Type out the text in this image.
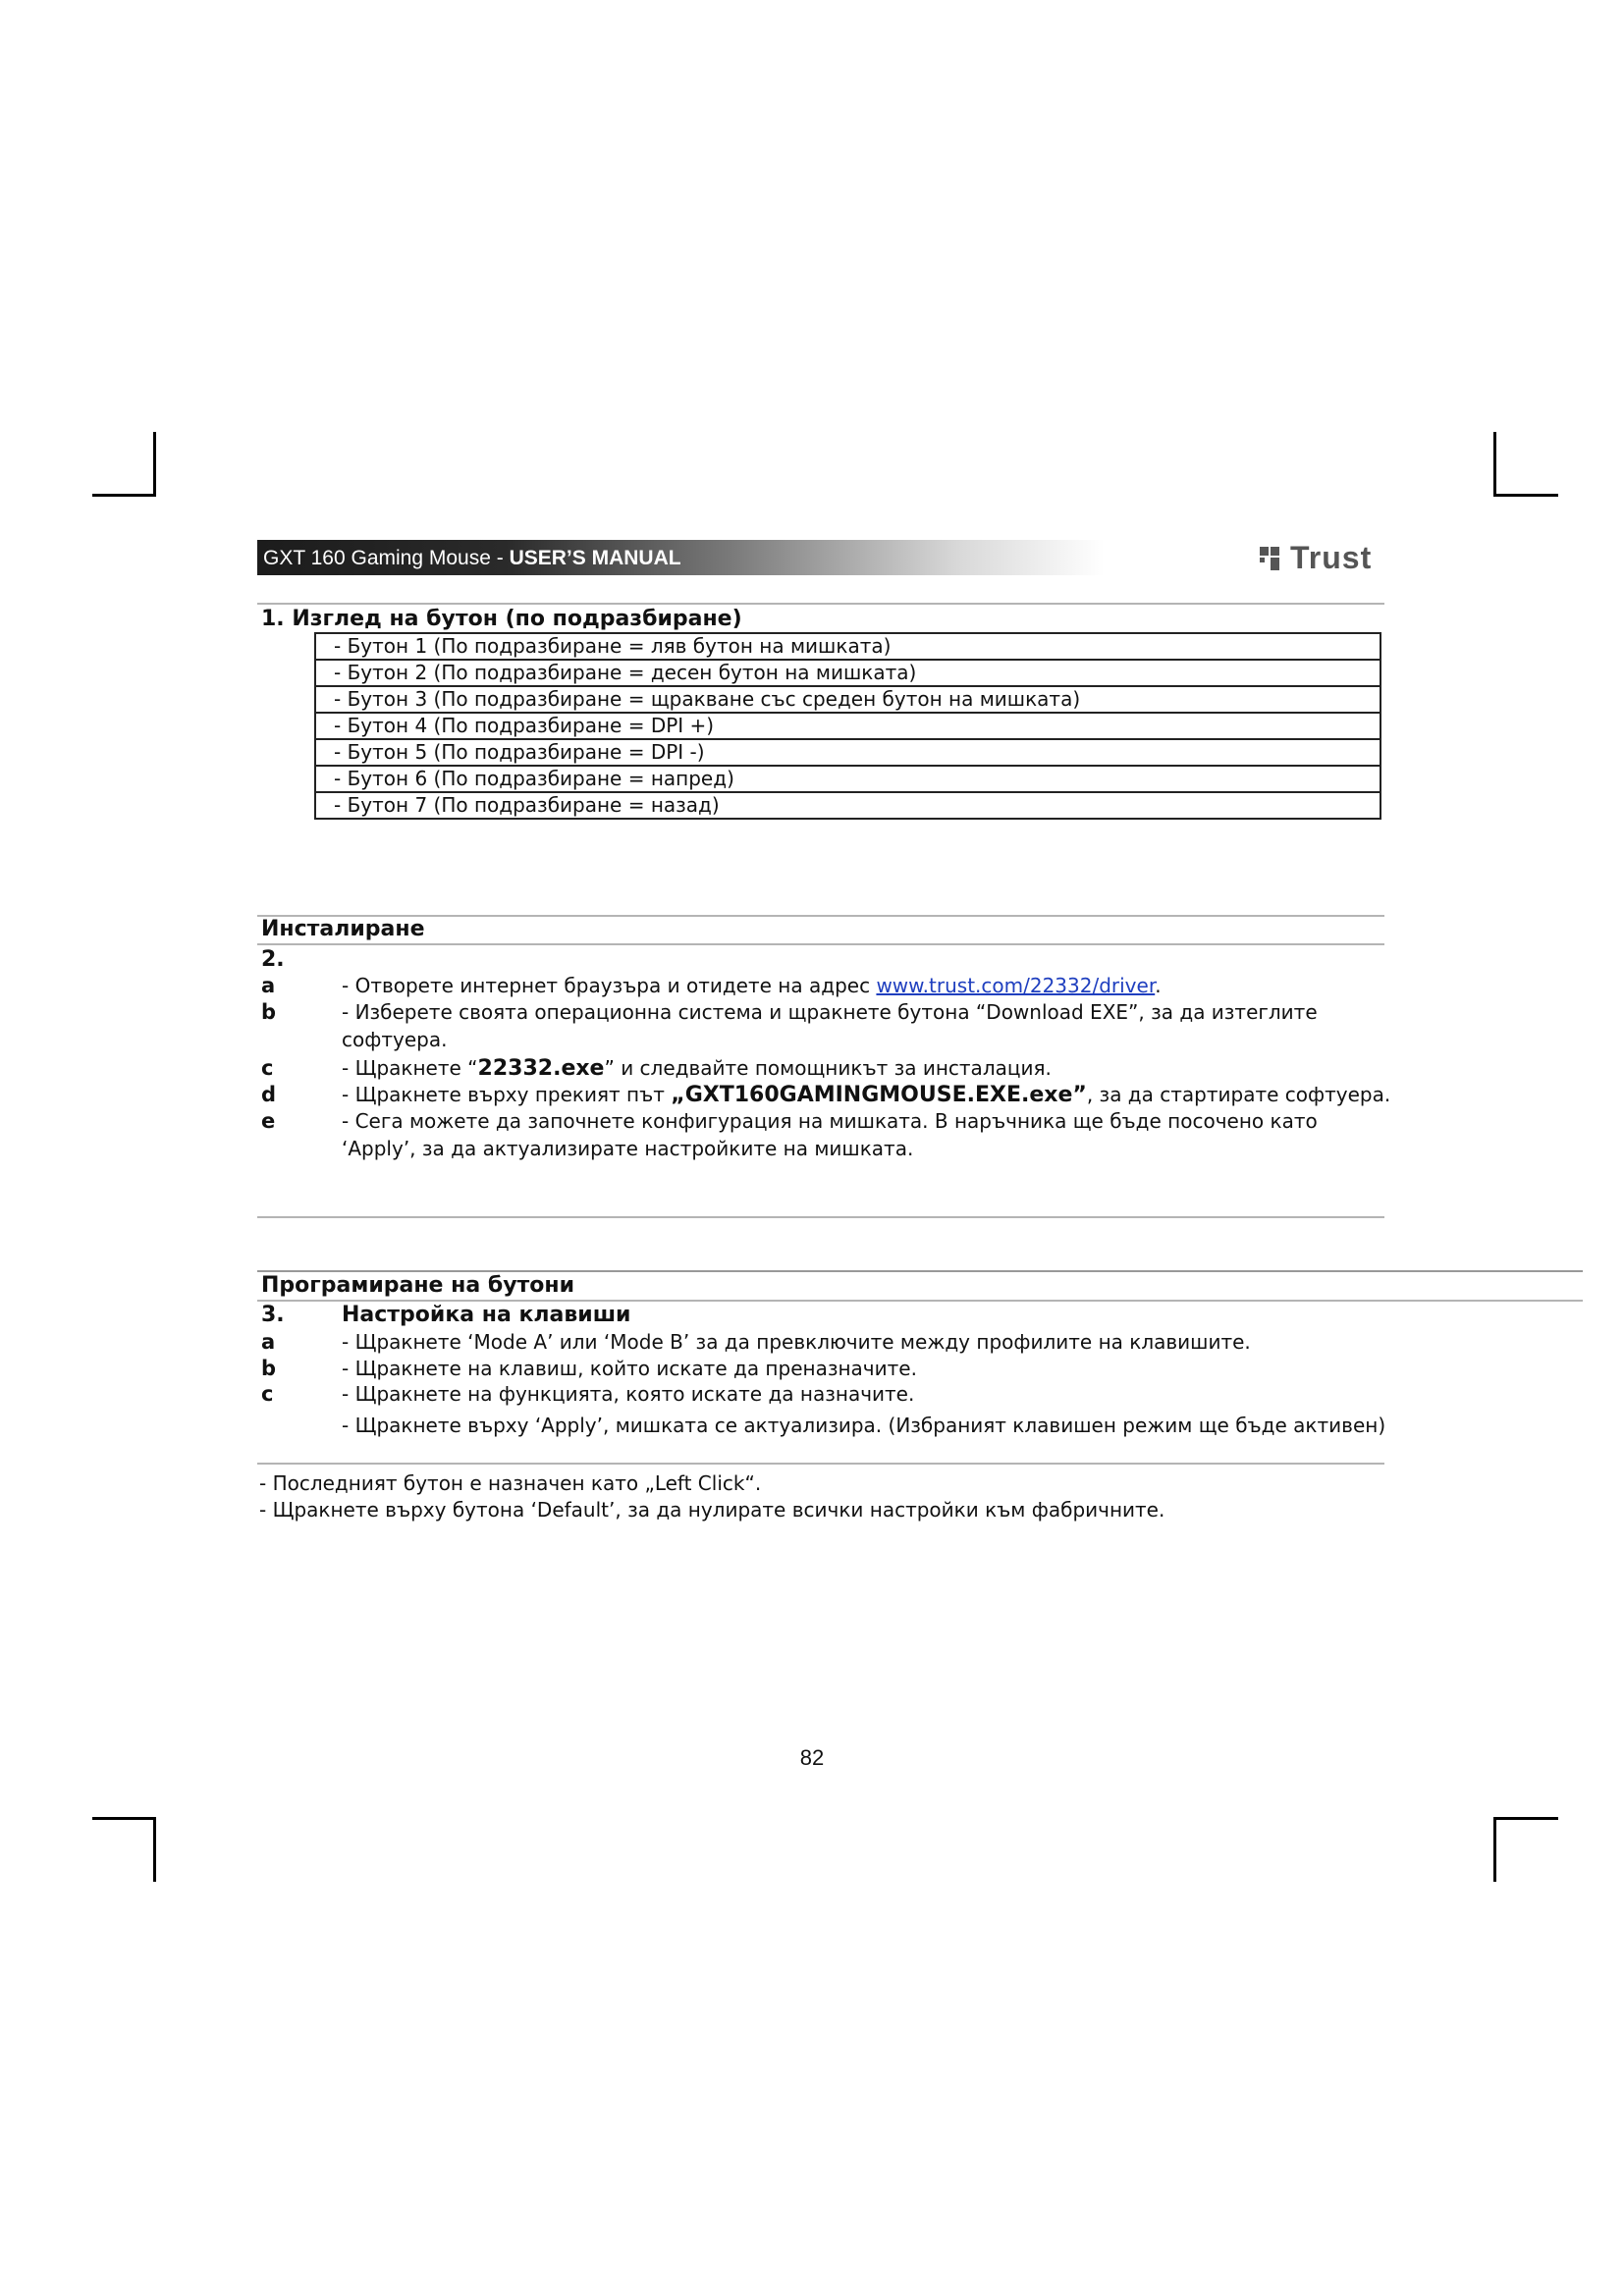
GXT 160 Gaming Mouse - USER’S MANUAL	Trust
1. Изглед на бутон (по подразбиране)
- Бутон 1 (По подразбиране = ляв бутон на мишката)
- Бутон 2 (По подразбиране = десен бутон на мишката)
- Бутон 3 (По подразбиране = щракване със среден бутон на мишката)
- Бутон 4 (По подразбиране = DPI +)
- Бутон 5 (По подразбиране = DPI -)
- Бутон 6 (По подразбиране = напред)
- Бутон 7 (По подразбиране = назад)
Инсталиране
2.
a	- Отворете интернет браузъра и отидете на адрес www.trust.com/22332/driver.
b	- Изберете своята операционна система и щракнете бутона “Download EXE”, за да изтеглите
софтуера.
c	- Щракнете “22332.exe” и следвайте помощникът за инсталация.
d	- Щракнете върху прекият път „GXT160GAMINGMOUSE.EXE.exe”, за да стартирате софтуера.
e	- Сега можете да започнете конфигурация на мишката. В наръчника ще бъде посочено като
‘Apply’, за да актуализирате настройките на мишката.
Програмиране на бутони
3.	Настройка на клавиши
a	- Щракнете ‘Mode A’ или ‘Mode B’ за да превключите между профилите на клавишите.
b	- Щракнете на клавиш, който искате да преназначите.
c	- Щракнете на функцията, която искате да назначите.
- Щракнете върху ‘Apply’, мишката се актуализира. (Избраният клавишен режим ще бъде активен)
- Последният бутон е назначен като „Left Click“.
- Щракнете върху бутона ‘Default’, за да нулирате всички настройки към фабричните.
82
